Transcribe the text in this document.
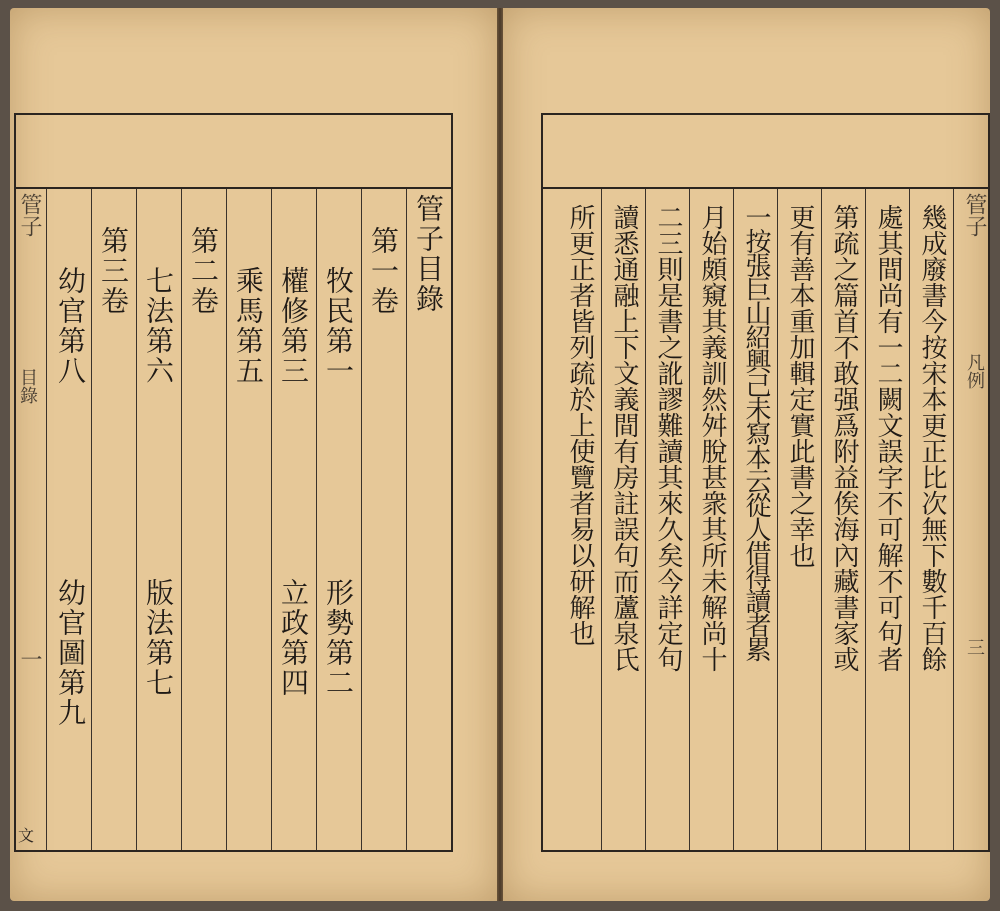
管子
目錄
一
文
管子目錄
第一卷
牧民第一
形勢第二
權修第三
立政第四
乘馬第五
第二卷
七法第六
版法第七
第三卷
幼官第八
幼官圖第九
管子
凡例
三
幾成廢書今按宋本更正比次無下數千百餘
處其間尚有一二闕文誤字不可解不可句者
第疏之篇首不敢强爲附益俟海內藏書家或
更有善本重加輯定實此書之幸也
一按張巨山紹興己未寫本云從人借得讀者累
月始頗窺其義訓然舛脫甚衆其所未解尚十
二三則是書之訛謬難讀其來久矣今詳定句
讀悉通融上下文義間有房註誤句而蘆泉氏
所更正者皆列疏於上使覽者易以研解也
